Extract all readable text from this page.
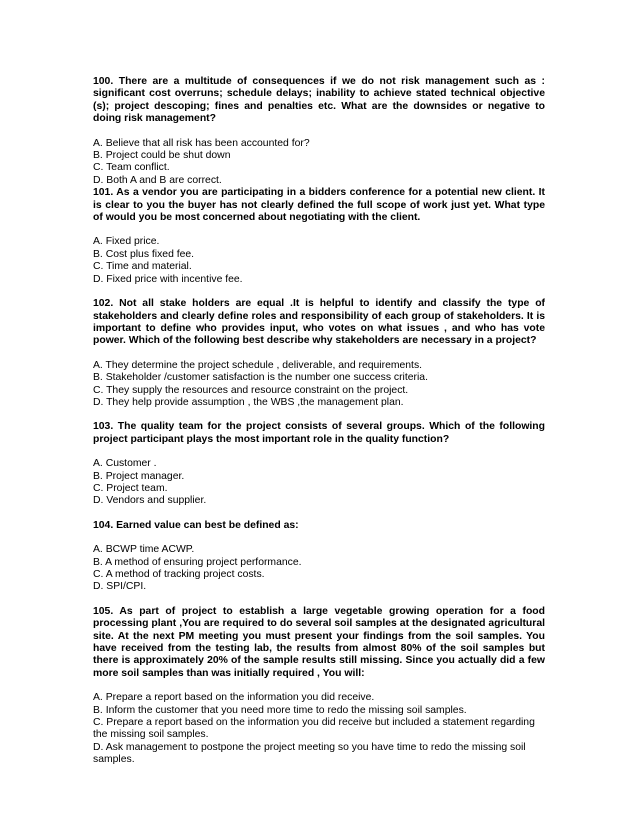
100. There are a multitude of consequences if we do not risk management such as : significant cost overruns; schedule delays; inability to achieve stated technical objective (s); project descoping; fines and penalties etc. What are the downsides or negative to doing risk management?

A. Believe that all risk has been accounted for?

B. Project could be shut down

C. Team conflict.

D. Both A and B are correct.

101. As a vendor you are participating in a bidders conference for a potential new client. It is clear to you the buyer has not clearly defined the full scope of work just yet. What type of would you be most concerned about negotiating with the client.

A. Fixed price.

B. Cost plus fixed fee.

C. Time and material.

D. Fixed price with incentive fee.

102. Not all stake holders are equal .It is helpful to identify and classify the type of stakeholders and clearly define roles and responsibility of each group of stakeholders. It is important to define who provides input, who votes on what issues , and who has vote power. Which of the following best describe why stakeholders are necessary in a project?

A. They determine the project schedule , deliverable, and requirements.

B. Stakeholder /customer satisfaction is the number one success criteria.

C. They supply the resources and resource constraint on the project.

D. They help provide assumption , the WBS ,the management plan.

103. The quality team for the project consists of several groups. Which of the following project participant plays the most important role in the quality function?

A. Customer .

B. Project manager.

C. Project team.

D. Vendors and supplier.

104. Earned value can best be defined as:

A. BCWP time ACWP.

B. A method of ensuring project performance.

C. A method of tracking project costs.

D. SPI/CPI.

105. As part of project to establish a large vegetable growing operation for a food processing plant ,You are required to do several soil samples at the designated agricultural site. At the next PM meeting you must present your findings from the soil samples. You have received from the testing lab, the results from almost 80% of the soil samples but there is approximately 20% of the sample results still missing. Since you actually did a few more soil samples than was initially required , You will:

A. Prepare a report based on the information you did receive.

B. Inform the customer that you need more time to redo the missing soil samples.

C. Prepare a report based on the information you did receive but included a statement regarding the missing soil samples.

D. Ask management to postpone the project meeting so you have time to redo the missing soil samples.
